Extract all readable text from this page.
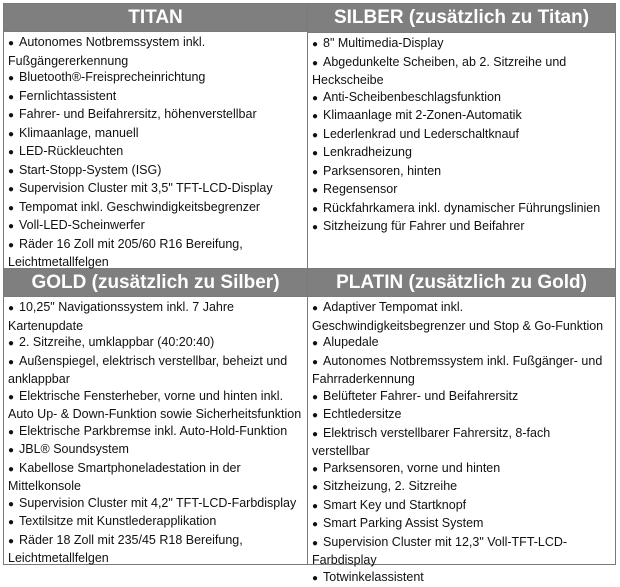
TITAN
● Autonomes Notbremssystem inkl. Fußgängererkennung
● Bluetooth®-Freisprecheinrichtung
● Fernlichtassistent
● Fahrer- und Beifahrersitz, höhenverstellbar
● Klimaanlage, manuell
● LED-Rückleuchten
● Start-Stopp-System (ISG)
● Supervision Cluster mit 3,5" TFT-LCD-Display
● Tempomat inkl. Geschwindigkeitsbegrenzer
● Voll-LED-Scheinwerfer
● Räder 16 Zoll mit 205/60 R16 Bereifung, Leichtmetallfelgen
SILBER (zusätzlich zu Titan)
● 8" Multimedia-Display
● Abgedunkelte Scheiben, ab 2. Sitzreihe und Heckscheibe
● Anti-Scheibenbeschlagsfunktion
● Klimaanlage mit 2-Zonen-Automatik
● Lederlenkrad und Lederschaltknauf
● Lenkradheizung
● Parksensoren, hinten
● Regensensor
● Rückfahrkamera inkl. dynamischer Führungslinien
● Sitzheizung für Fahrer und Beifahrer
GOLD (zusätzlich zu Silber)
● 10,25" Navigationssystem inkl. 7 Jahre Kartenupdate
● 2. Sitzreihe, umklappbar (40:20:40)
● Außenspiegel, elektrisch verstellbar, beheizt und anklappbar
● Elektrische Fensterheber, vorne und hinten inkl. Auto Up- & Down-Funktion sowie Sicherheitsfunktion
● Elektrische Parkbremse inkl. Auto-Hold-Funktion
● JBL® Soundsystem
● Kabellose Smartphoneladestation in der Mittelkonsole
● Supervision Cluster mit 4,2" TFT-LCD-Farbdisplay
● Textilsitze mit Kunstlederapplikation
● Räder 18 Zoll mit 235/45 R18 Bereifung, Leichtmetallfelgen
PLATIN (zusätzlich zu Gold)
● Adaptiver Tempomat inkl. Geschwindigkeitsbegrenzer und Stop & Go-Funktion
● Alupedale
● Autonomes Notbremssystem inkl. Fußgänger- und Fahrraderkennung
● Belüfteter Fahrer- und Beifahrersitz
● Echtledersitze
● Elektrisch verstellbarer Fahrersitz, 8-fach verstellbar
● Parksensoren, vorne und hinten
● Sitzheizung, 2. Sitzreihe
● Smart Key und Startknopf
● Smart Parking Assist System
● Supervision Cluster mit 12,3" Voll-TFT-LCD-Farbdisplay
● Totwinkelassistent
